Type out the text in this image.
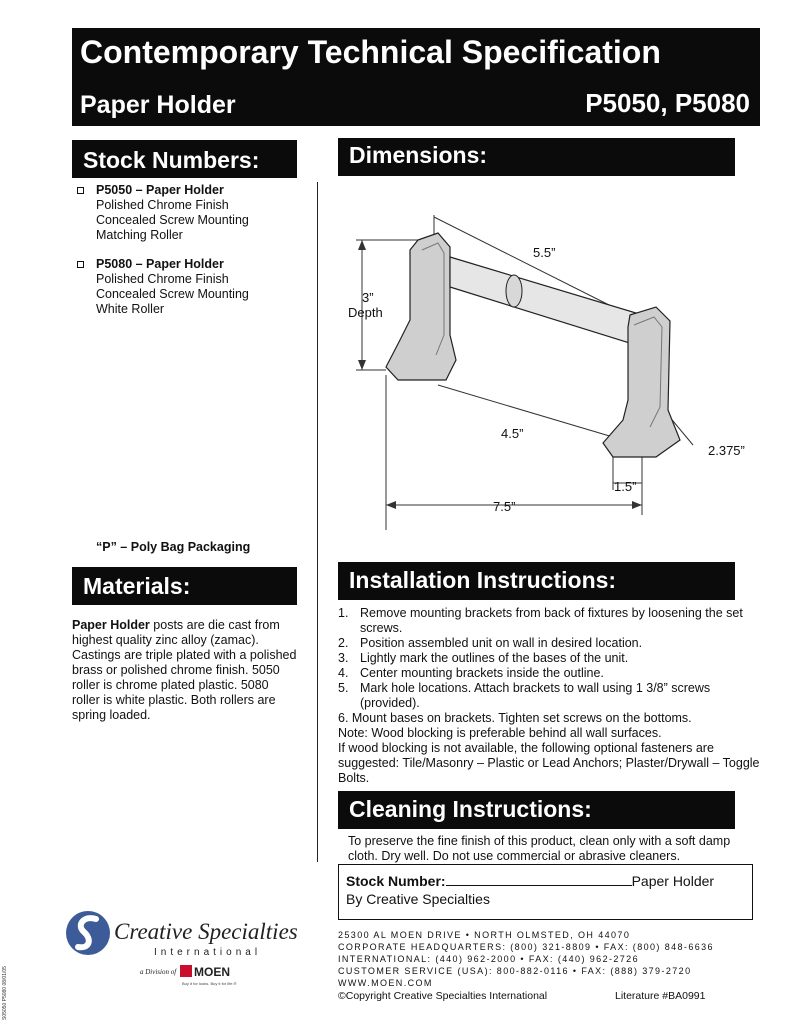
Contemporary Technical Specification
Paper Holder	P5050, P5080
Stock Numbers:	Dimensions:
Materials:	Installation Instructions:
Cleaning Instructions:
P5050 – Paper Holder
Polished Chrome Finish
Concealed Screw Mounting
Matching Roller
P5080 – Paper Holder
Polished Chrome Finish
Concealed Screw Mounting
White Roller
“P” – Poly Bag Packaging
Paper Holder posts are die cast from highest quality zinc alloy (zamac). Castings are triple plated with a polished brass or polished chrome finish. 5050 roller is chrome plated plastic. 5080 roller is white plastic. Both rollers are spring loaded.
5.5”
3”
Depth
4.5”
2.375”
1.5”
7.5”
1. Remove mounting brackets from back of fixtures by loosening the set screws.
2. Position assembled unit on wall in desired location.
3. Lightly mark the outlines of the bases of the unit.
4. Center mounting brackets inside the outline.
5. Mark hole locations. Attach brackets to wall using 1 3/8” screws (provided).
6. Mount bases on brackets. Tighten set screws on the bottoms.
Note: Wood blocking is preferable behind all wall surfaces.
If wood blocking is not available, the following optional fasteners are suggested: Tile/Masonry – Plastic or Lead Anchors; Plaster/Drywall – Toggle Bolts.
To preserve the fine finish of this product, clean only with a soft damp cloth. Dry well. Do not use commercial or abrasive cleaners.
Stock Number:	Paper Holder
By Creative Specialties
25300 AL MOEN DRIVE • NORTH OLMSTED, OH 44070
CORPORATE HEADQUARTERS: (800) 321-8809 • FAX: (800) 848-6636
INTERNATIONAL: (440) 962-2000 • FAX: (440) 962-2726
CUSTOMER SERVICE (USA): 800-882-0116 • FAX: (888) 379-2720
WWW.MOEN.COM
©Copyright Creative Specialties International	Literature #BA0991
Creative Specialties
International
a Division of MOEN
Buy it for looks. Buy it for life.®
S05050 P5080 08/01/05
